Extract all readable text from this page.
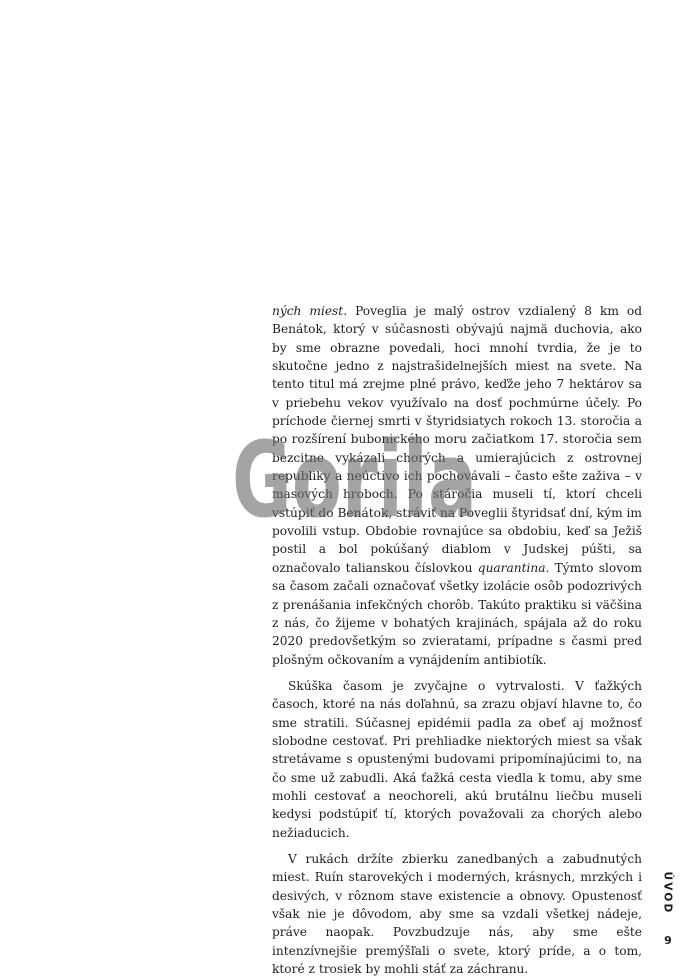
ných miest. Poveglia je malý ostrov vzdialený 8 km od Benátok, ktorý v súčasnosti obývajú najmä duchovia, ako by sme obrazne povedali, hoci mnohí tvrdia, že je to skutočne jedno z najstrašidelnejších miest na svete. Na tento titul má zrejme plné právo, keďže jeho 7 hektárov sa v priebehu vekov využívalo na dosť pochmúrne účely. Po príchode čiernej smrti v štyridsiatych rokoch 13. storočia a po rozšírení bubonického moru začiatkom 17. storočia sem bezcitne vykázali chorých a umierajúcich z ostrovnej republiky a neúctivo ich pochovávali – často ešte zaživa – v masových hroboch. Po stáročia museli tí, ktorí chceli vstúpiť do Benátok, stráviť na Poveglii štyridsať dní, kým im povolili vstup. Obdobie rovnajúce sa obdobiu, keď sa Ježiš postil a bol pokúšaný diablom v Judskej púšti, sa označovalo talianskou číslovkou quarantina. Týmto slovom sa časom začali označovať všetky izolácie osôb podozrivých z prenášania infekčných chorôb. Takúto praktiku si väčšina z nás, čo žijeme v bohatých krajinách, spájala až do roku 2020 predovšetkým so zvieratami, prípadne s časmi pred plošným očkovaním a vynájdením antibiotík.

Skúška časom je zvyčajne o vytrvalosti. V ťažkých časoch, ktoré na nás doľahnú, sa zrazu objaví hlavne to, čo sme stratili. Súčasnej epidémii padla za obeť aj možnosť slobodne cestovať. Pri prehliadke niektorých miest sa však stretávame s opustenými budovami pripomínajúcimi to, na čo sme už zabudli. Aká ťažká cesta viedla k tomu, aby sme mohli cestovať a neochoreli, akú brutálnu liečbu museli kedysi podstúpiť tí, ktorých považovali za chorých alebo nežiaducich.

V rukách držíte zbierku zanedbaných a zabudnutých miest. Ruín starovekých i moderných, krásnych, mrzkých i desivých, v rôznom stave existencie a obnovy. Opustenosť však nie je dôvodom, aby sme sa vzdali všetkej nádeje, práve naopak. Povzbudzuje nás, aby sme ešte intenzívnejšie premýšľali o svete, ktorý príde, a o tom, ktoré z trosiek by mohli stáť za záchranu.

Gorila
ÚVOD
9
